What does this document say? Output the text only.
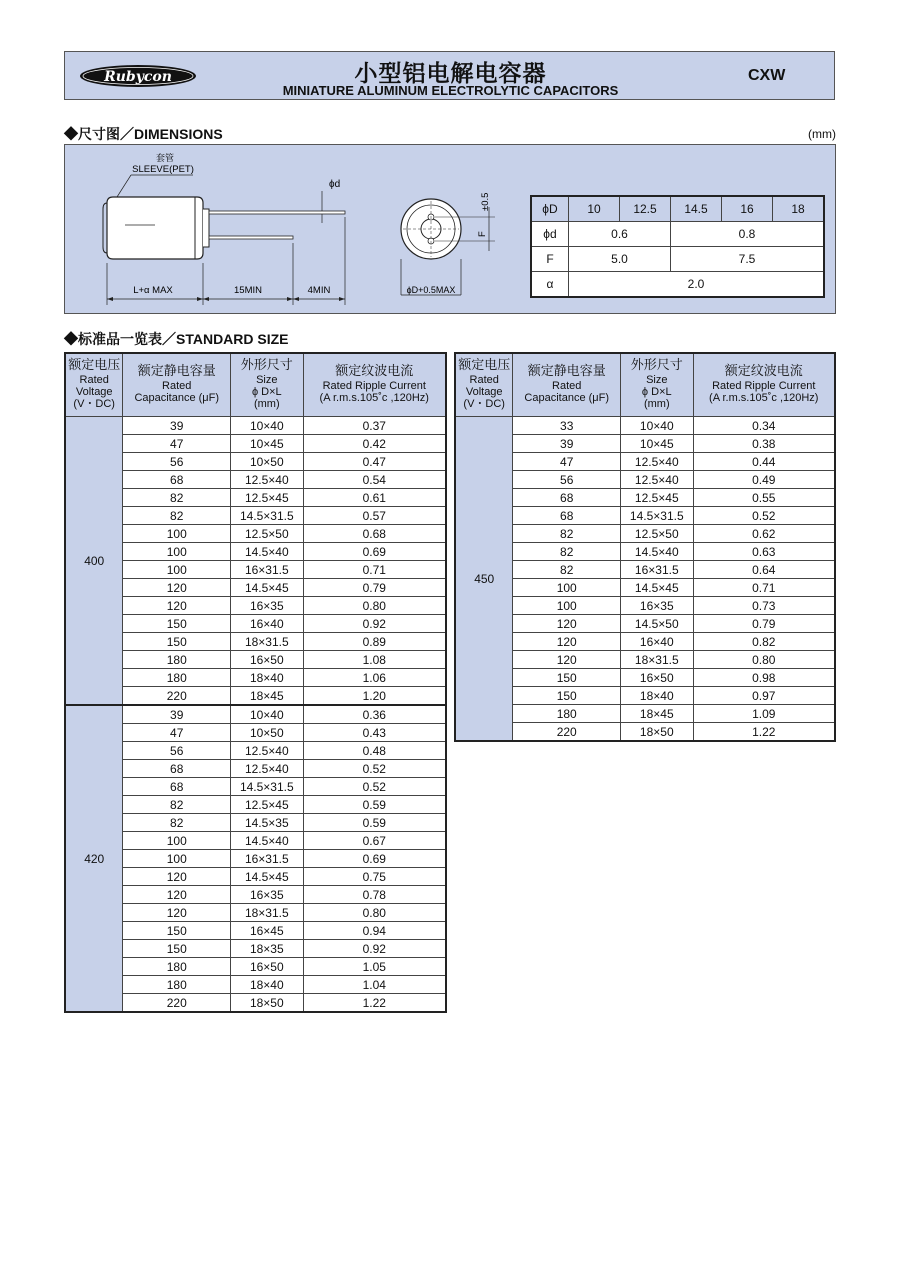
Rubycon	小型铝电解电容器
MINIATURE ALUMINUM ELECTROLYTIC CAPACITORS
CXW
◆尺寸图／DIMENSIONS	(mm)
套管
SLEEVE(PET)
ϕd
L+α MAX	15MIN	4MIN
F
±0.5
ϕD+0.5MAX
ϕD	10	12.5	14.5	16	18
ϕd	0.6		0.8		
F	5.0		7.5		
α	2.0				
◆标准品一览表／STANDARD SIZE
额定电压
Rated
Voltage
(V・DC)	额定静电容量
Rated
Capacitance (μF)	外形尺寸
Size
ϕ D×L
(mm)	额定纹波电流
Rated Ripple Current
(A r.m.s.105˚c ,120Hz)

400	39	10×40	0.37
	47	10×45	0.42
	56	10×50	0.47
	68	12.5×40	0.54
	82	12.5×45	0.61
	82	14.5×31.5	0.57
	100	12.5×50	0.68
	100	14.5×40	0.69
	100	16×31.5	0.71
	120	14.5×45	0.79
	120	16×35	0.80
	150	16×40	0.92
	150	18×31.5	0.89
	180	16×50	1.08
	180	18×40	1.06
	220	18×45	1.20
420	39	10×40	0.36
	47	10×50	0.43
	56	12.5×40	0.48
	68	12.5×40	0.52
	68	14.5×31.5	0.52
	82	12.5×45	0.59
	82	14.5×35	0.59
	100	14.5×40	0.67
	100	16×31.5	0.69
	120	14.5×45	0.75
	120	16×35	0.78
	120	18×31.5	0.80
	150	16×45	0.94
	150	18×35	0.92
	180	16×50	1.05
	180	18×40	1.04
	220	18×50	1.22
额定电压
Rated
Voltage
(V・DC)	额定静电容量
Rated
Capacitance (μF)	外形尺寸
Size
ϕ D×L
(mm)	额定纹波电流
Rated Ripple Current
(A r.m.s.105˚c ,120Hz)

450	33	10×40	0.34
	39	10×45	0.38
	47	12.5×40	0.44
	56	12.5×40	0.49
	68	12.5×45	0.55
	68	14.5×31.5	0.52
	82	12.5×50	0.62
	82	14.5×40	0.63
	82	16×31.5	0.64
	100	14.5×45	0.71
	100	16×35	0.73
	120	14.5×50	0.79
	120	16×40	0.82
	120	18×31.5	0.80
	150	16×50	0.98
	150	18×40	0.97
	180	18×45	1.09
	220	18×50	1.22
